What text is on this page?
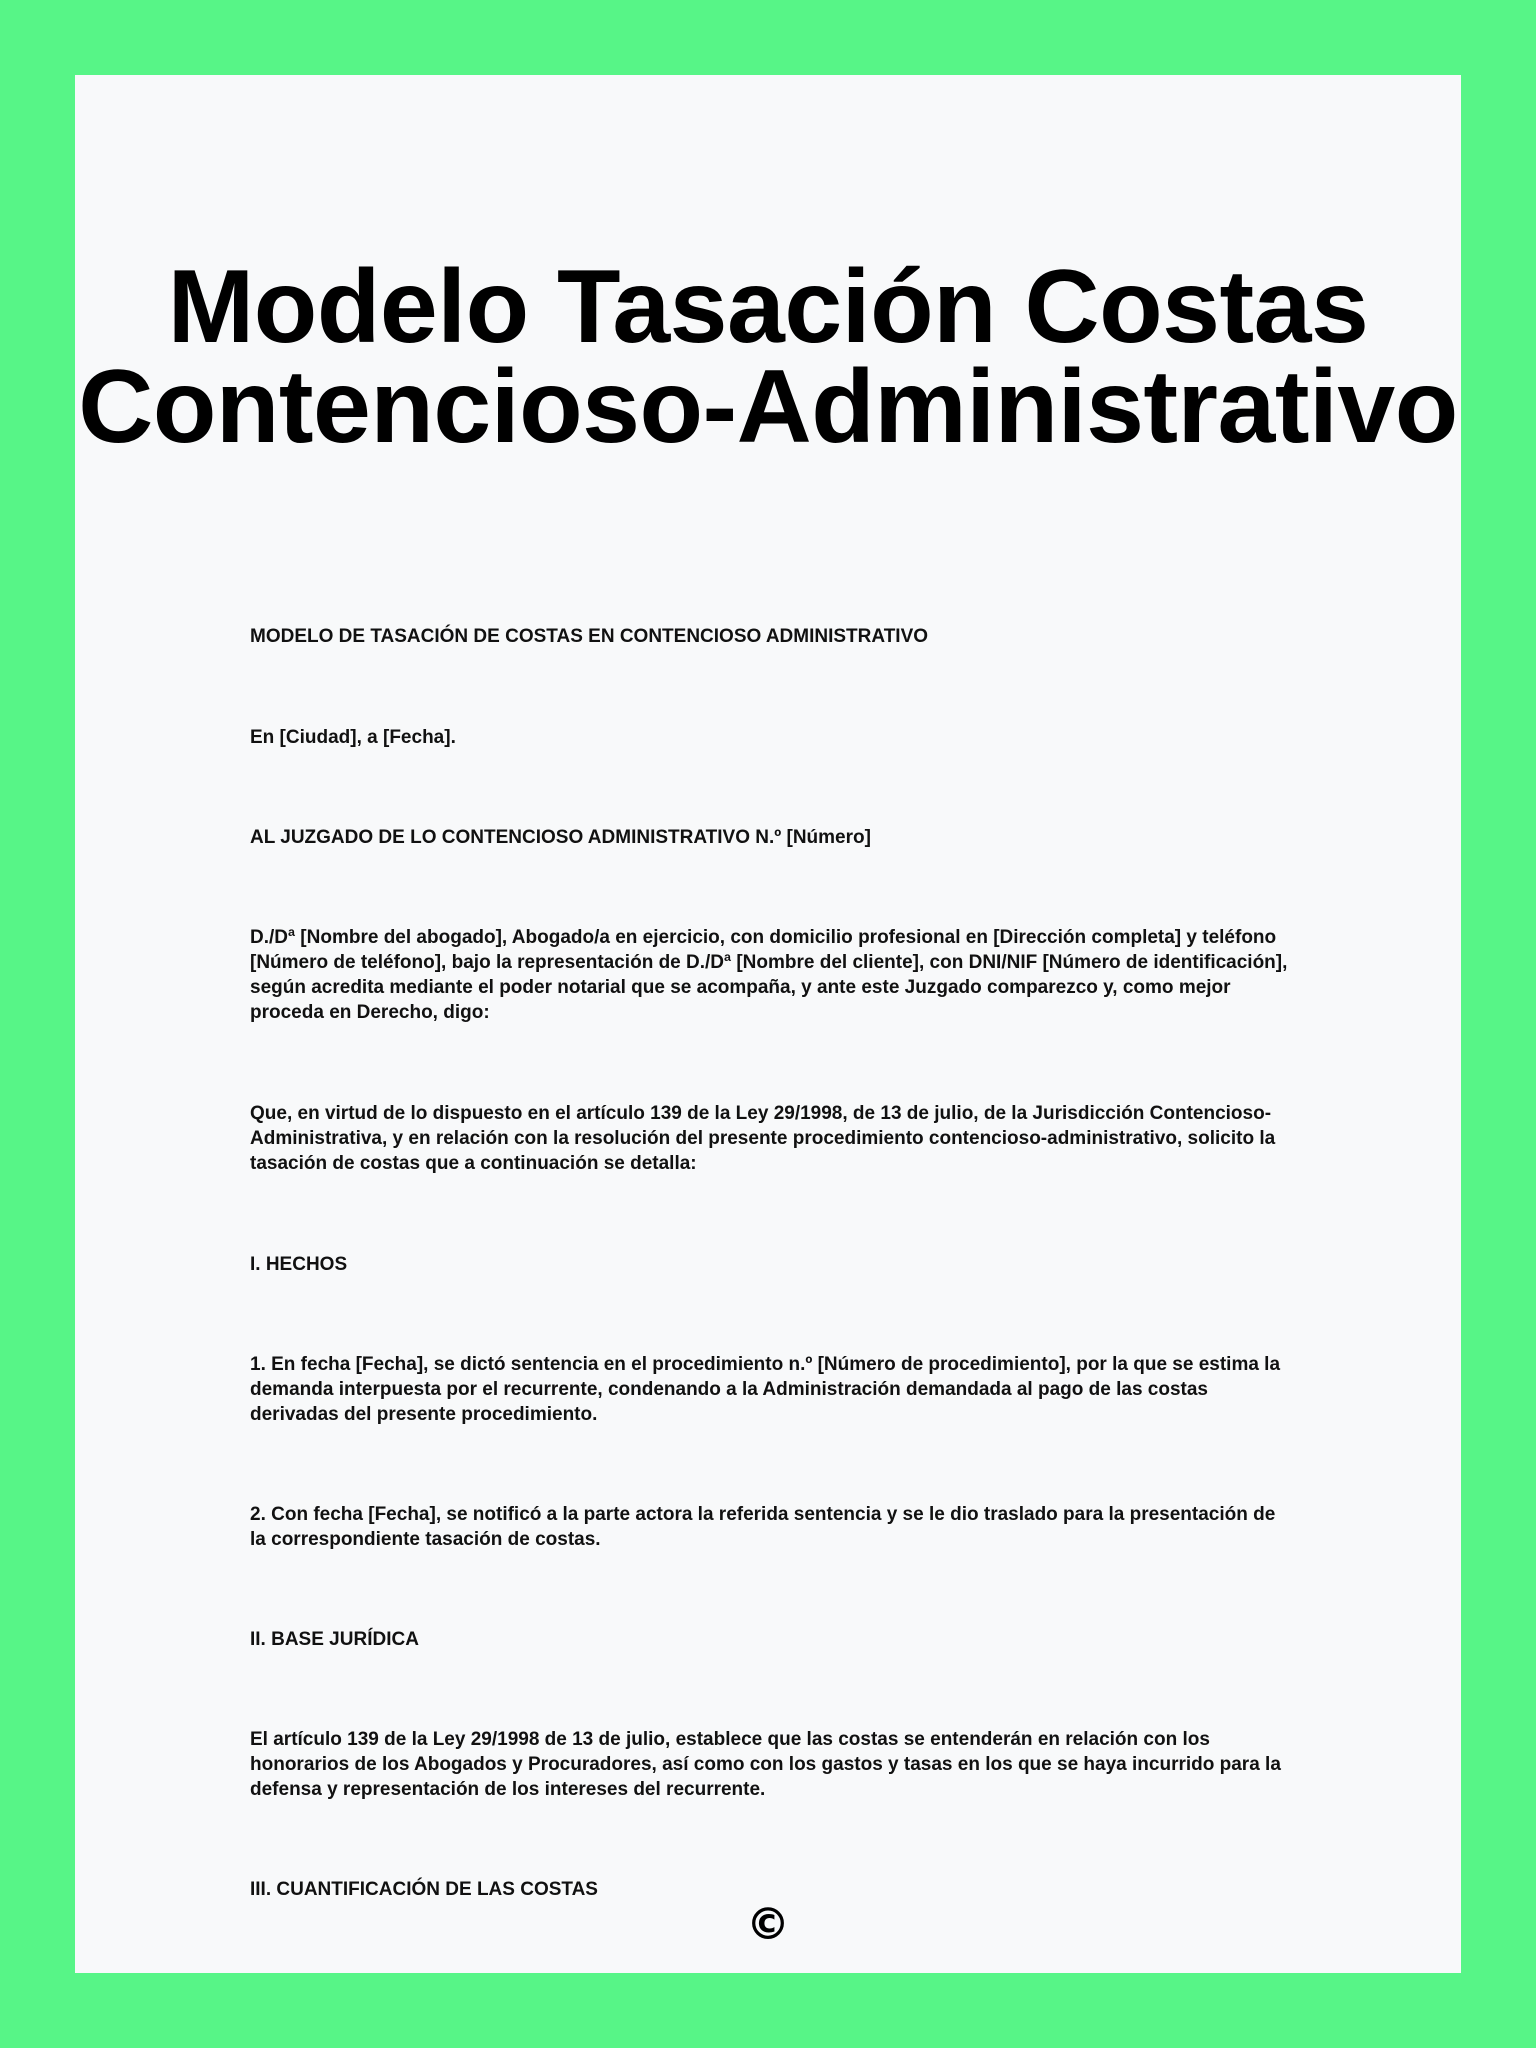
Modelo Tasación Costas
Contencioso-Administrativo

MODELO DE TASACIÓN DE COSTAS EN CONTENCIOSO ADMINISTRATIVO

En [Ciudad], a [Fecha].

AL JUZGADO DE LO CONTENCIOSO ADMINISTRATIVO N.º [Número]

D./Dª [Nombre del abogado], Abogado/a en ejercicio, con domicilio profesional en [Dirección completa] y teléfono [Número de teléfono], bajo la representación de D./Dª [Nombre del cliente], con DNI/NIF [Número de identificación], según acredita mediante el poder notarial que se acompaña, y ante este Juzgado comparezco y, como mejor proceda en Derecho, digo:

Que, en virtud de lo dispuesto en el artículo 139 de la Ley 29/1998, de 13 de julio, de la Jurisdicción Contencioso-Administrativa, y en relación con la resolución del presente procedimiento contencioso-administrativo, solicito la tasación de costas que a continuación se detalla:

I. HECHOS

1. En fecha [Fecha], se dictó sentencia en el procedimiento n.º [Número de procedimiento], por la que se estima la demanda interpuesta por el recurrente, condenando a la Administración demandada al pago de las costas derivadas del presente procedimiento.

2. Con fecha [Fecha], se notificó a la parte actora la referida sentencia y se le dio traslado para la presentación de la correspondiente tasación de costas.

II. BASE JURÍDICA

El artículo 139 de la Ley 29/1998 de 13 de julio, establece que las costas se entenderán en relación con los honorarios de los Abogados y Procuradores, así como con los gastos y tasas en los que se haya incurrido para la defensa y representación de los intereses del recurrente.

III. CUANTIFICACIÓN DE LAS COSTAS

©
